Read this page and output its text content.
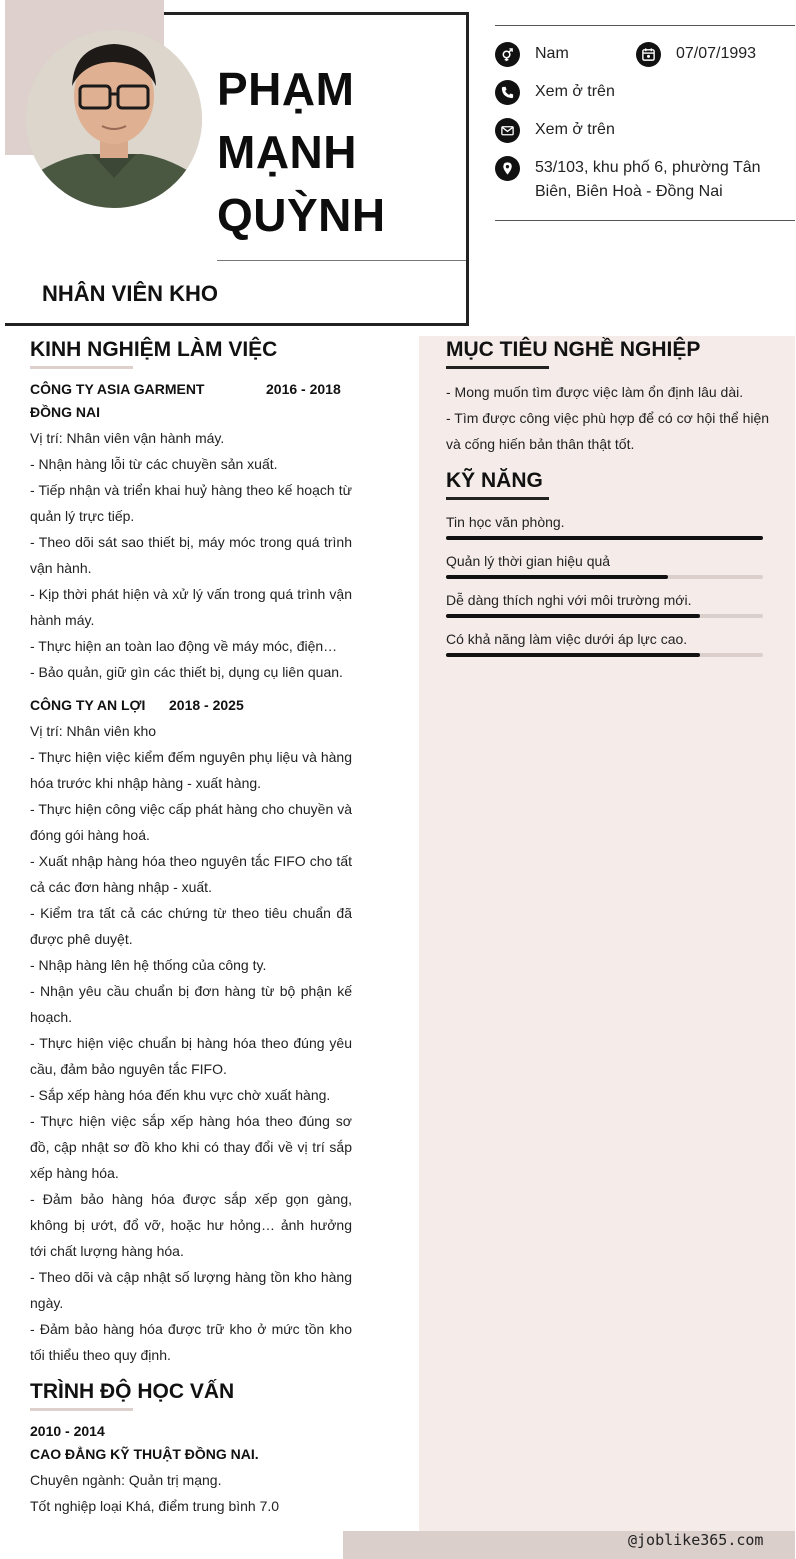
PHẠM
MẠNH
QUỲNH
NHÂN VIÊN KHO
Nam	07/07/1993
Xem ở trên
Xem ở trên
53/103, khu phố 6, phường Tân Biên, Biên Hoà - Đồng Nai
KINH NGHIỆM LÀM VIỆC
CÔNG TY ASIA GARMENT ĐỒNG NAI
2016 - 2018
Vị trí: Nhân viên vận hành máy.
- Nhận hàng lỗi từ các chuyền sản xuất.
- Tiếp nhận và triển khai huỷ hàng theo kế hoạch từ quản lý trực tiếp.
- Theo dõi sát sao thiết bị, máy móc trong quá trình vận hành.
- Kịp thời phát hiện và xử lý vấn trong quá trình vận hành máy.
- Thực hiện an toàn lao động về máy móc, điện…
- Bảo quản, giữ gìn các thiết bị, dụng cụ liên quan.
CÔNG TY AN LỢI	2018 - 2025
Vị trí: Nhân viên kho
- Thực hiện việc kiểm đếm nguyên phụ liệu và hàng hóa trước khi nhập hàng - xuất hàng.
- Thực hiện công việc cấp phát hàng cho chuyền và đóng gói hàng hoá.
- Xuất nhập hàng hóa theo nguyên tắc FIFO cho tất cả các đơn hàng nhập - xuất.
- Kiểm tra tất cả các chứng từ theo tiêu chuẩn đã được phê duyệt.
- Nhập hàng lên hệ thống của công ty.
- Nhận yêu cầu chuẩn bị đơn hàng từ bộ phận kế hoạch.
- Thực hiện việc chuẩn bị hàng hóa theo đúng yêu cầu, đảm bảo nguyên tắc FIFO.
- Sắp xếp hàng hóa đến khu vực chờ xuất hàng.
- Thực hiện việc sắp xếp hàng hóa theo đúng sơ đồ, cập nhật sơ đồ kho khi có thay đổi về vị trí sắp xếp hàng hóa.
- Đảm bảo hàng hóa được sắp xếp gọn gàng, không bị ướt, đổ vỡ, hoặc hư hỏng… ảnh hưởng tới chất lượng hàng hóa.
- Theo dõi và cập nhật số lượng hàng tồn kho hàng ngày.
- Đảm bảo hàng hóa được trữ kho ở mức tồn kho tối thiểu theo quy định.
TRÌNH ĐỘ HỌC VẤN
2010 - 2014
CAO ĐẲNG KỸ THUẬT ĐỒNG NAI.
Chuyên ngành: Quản trị mạng.
Tốt nghiệp loại Khá, điểm trung bình 7.0
MỤC TIÊU NGHỀ NGHIỆP
- Mong muốn tìm được việc làm ổn định lâu dài.
- Tìm được công việc phù hợp để có cơ hội thể hiện và cống hiến bản thân thật tốt.
KỸ NĂNG
Tin học văn phòng.
Quản lý thời gian hiệu quả
Dễ dàng thích nghi với môi trường mới.
Có khả năng làm việc dưới áp lực cao.
@joblike365.com
